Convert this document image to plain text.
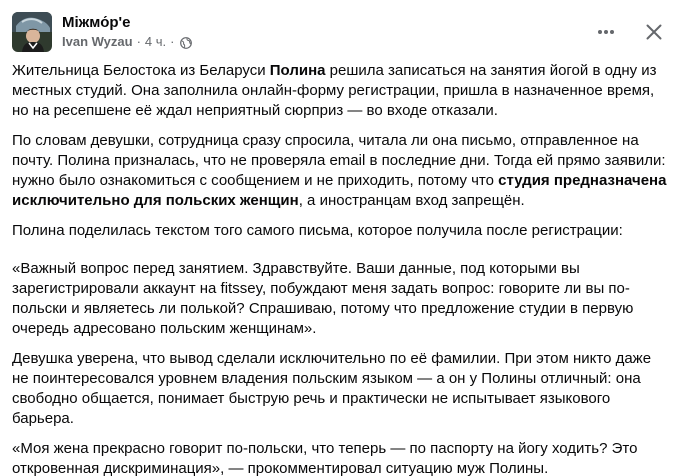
Міжмо́р'е
Ivan Wyzau · 4 ч. ·

Жительница Белостока из Беларуси Полина решила записаться на занятия йогой в одну из местных студий. Она заполнила онлайн-форму регистрации, пришла в назначенное время, но на ресепшене её ждал неприятный сюрприз — во входе отказали.

По словам девушки, сотрудница сразу спросила, читала ли она письмо, отправленное на почту. Полина призналась, что не проверяла email в последние дни. Тогда ей прямо заявили: нужно было ознакомиться с сообщением и не приходить, потому что студия предназначена исключительно для польских женщин, а иностранцам вход запрещён.

Полина поделилась текстом того самого письма, которое получила после регистрации:

«Важный вопрос перед занятием. Здравствуйте. Ваши данные, под которыми вы зарегистрировали аккаунт на fitssey, побуждают меня задать вопрос: говорите ли вы по-польски и являетесь ли полькой? Спрашиваю, потому что предложение студии в первую очередь адресовано польским женщинам».

Девушка уверена, что вывод сделали исключительно по её фамилии. При этом никто даже не поинтересовался уровнем владения польским языком — а он у Полины отличный: она свободно общается, понимает быструю речь и практически не испытывает языкового барьера.

«Моя жена прекрасно говорит по-польски, что теперь — по паспорту на йогу ходить? Это откровенная дискриминация», — прокомментировал ситуацию муж Полины.
